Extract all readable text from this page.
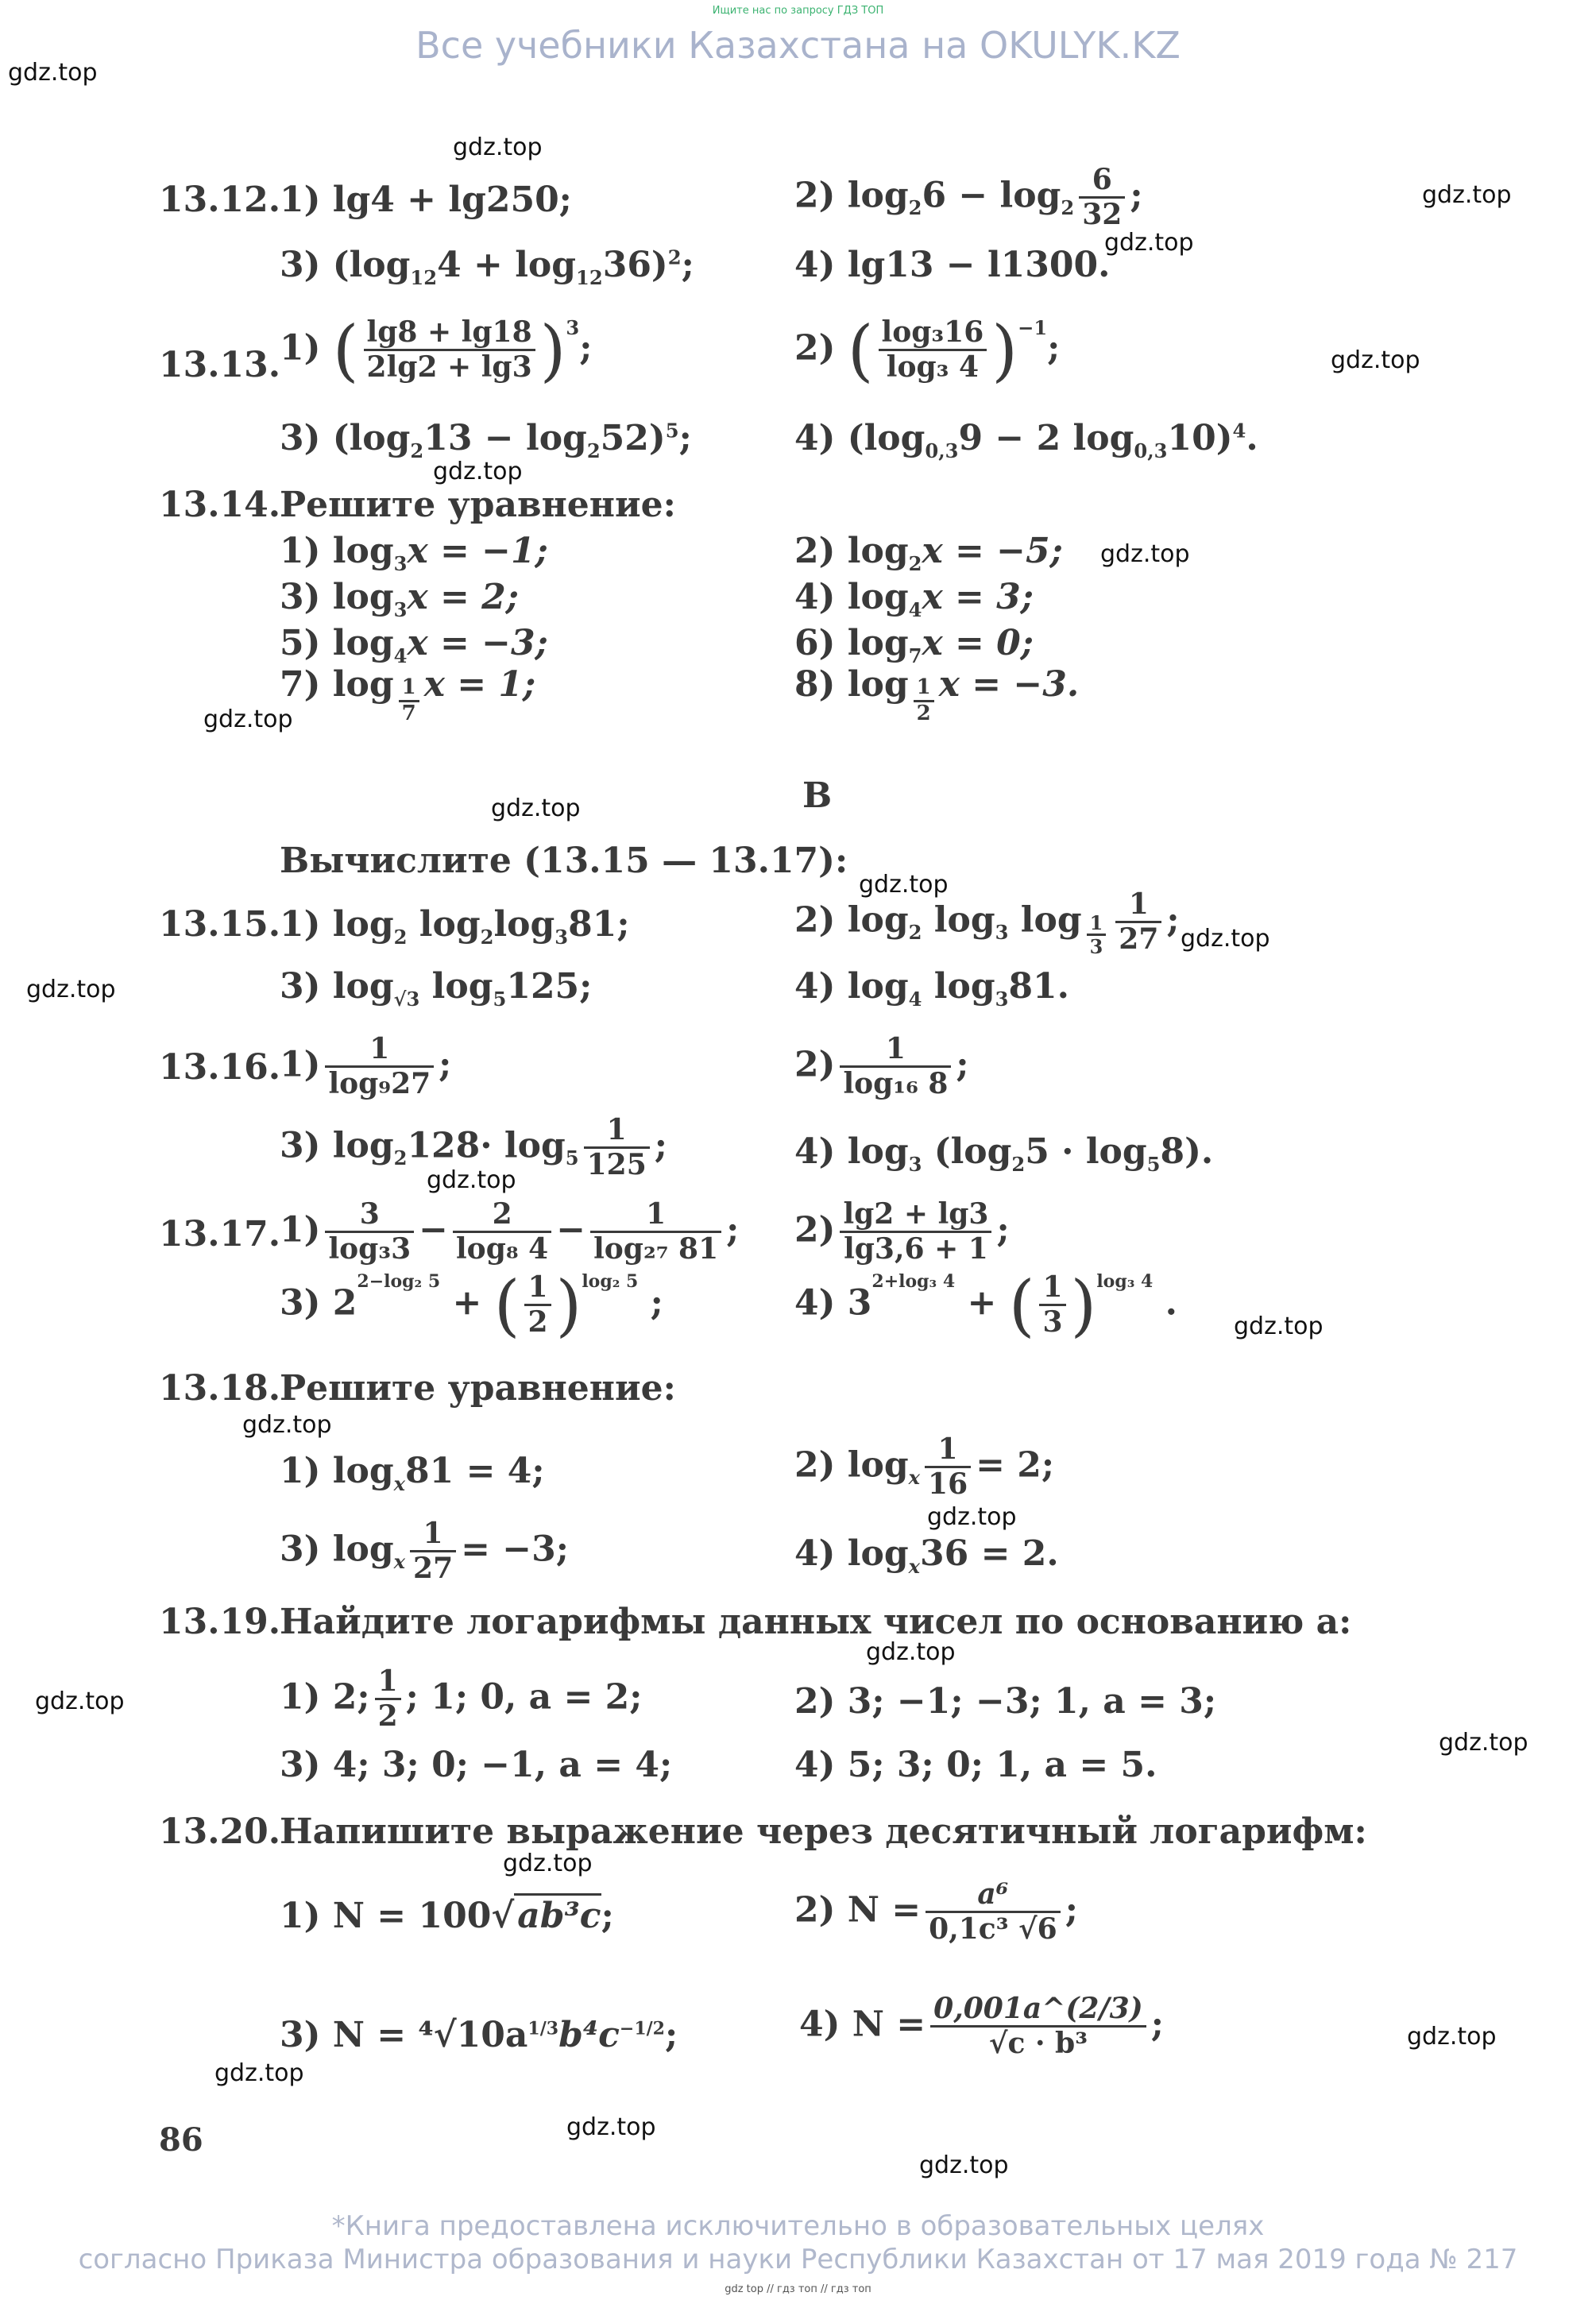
Ищите нас по запросу ГДЗ ТОП
Все учебники Казахстана на OKULYK.KZ
gdz.top
gdz.top
gdz.top
gdz.top
gdz.top
gdz.top
gdz.top
gdz.top
gdz.top
gdz.top
gdz.top
gdz.top
gdz.top
gdz.top
gdz.top
gdz.top
gdz.top
gdz.top
gdz.top
gdz.top
gdz.top
gdz.top
gdz.top
gdz.top
13.12.
1) lg4 + lg250;	2) $\log_26 - \log_2 \frac{6}{32}$ ;
3) $(\log_{12}4 + \log_{12}36)^2$;	4) lg13 − l1300.
13.13.
1) ( $\frac{\lg 8 + \lg 18}{2\lg 2 + \lg 3} )^3$;	2) ( $\frac{\text{log₃16}}{\text{log₃ 4}} )^{-1}$;
3) $(\log_213 - \log_252)^5$;	4) ($\log_{0,3}9 - 2$ $\log_{0,3}10)^4$.
13.14.
Решите уравнение:
1) $\log_3x = -1$;	2) $\log_2x = -5$;
3) $\log_3x = 2$;	4) $\log_4x = 3$;
5) $\log_4x = -3$;	6) $\log_7x = 0$;
7) $\log \frac{1}{7}$ x = 1;	8) $\log \frac{1}{2}$ x = −3.
B
Вычислите (13.15 — 13.17):
13.15.
1) $\log_2 \log_2\log_381$;	2) $\log_2 \log_3 \log \frac{1}{3} \frac{1}{27}$ ;
3) $\log_{√3} \log_5125$;	4) $\log_4 \log_381$.
13.16.
$1) \frac{1}{\text{log₉27}}$ ;	$2) \frac{1}{\text{log₁₆ 8}}$ ;
3) $\log_2128\cdot \log_5 \frac{1}{125}$ ;	4) $\log_3 (\log_25 \cdot \log_58)$.
13.17.
$1) \frac{3}{\text{log₃3}} - \frac{2}{\text{log₈ 4}} - \frac{1}{\text{log₂₇ 81}}$ ; $2) \frac{\lg 2 + \lg 3}{\lg 3,6 + 1}$ ;
3) $2^{2-log_2 5}$ + ( $\frac{1}{2} )^{log_2 5}$ ;	4) $3^{2+log_3 4}$ + ( $\frac{1}{3} )^{log_3 4}$ .
13.18.
Решите уравнение:
1) $\log_x81 = 4$;	2) $\log_x \frac{1}{16} = 2$;
3) $\log_x \frac{1}{27} = -3$;	4) $\log_x36 = 2$.
13.19.
Найдите логарифмы данных чисел по основанию a:
1) 2; $\frac{1}{2}$ ; 1; 0, a = 2;	2) 3; −1; −3; 1, a = 3;
3) 4; 3; 0; −1, a = 4;	4) 5; 3; 0; 1, a = 5.
13.20.
Напишите выражение через десятичный логарифм:
1) N = 100√ab³c;	2) $N = \frac{\text{a⁶}}{\text{0,1c³ √6}}$ ;
3) $N = ^4√10a^{1/3}b^4c^{-1/2}$;	4) $N = \frac{0,001a\^{}(2/3)}{\text{√c · b³}}$ ;
86
*Книга предоставлена исключительно в образовательных целях
согласно Приказа Министра образования и науки Республики Казахстан от 17 мая 2019 года № 217
gdz top // гдз топ // гдз топ
